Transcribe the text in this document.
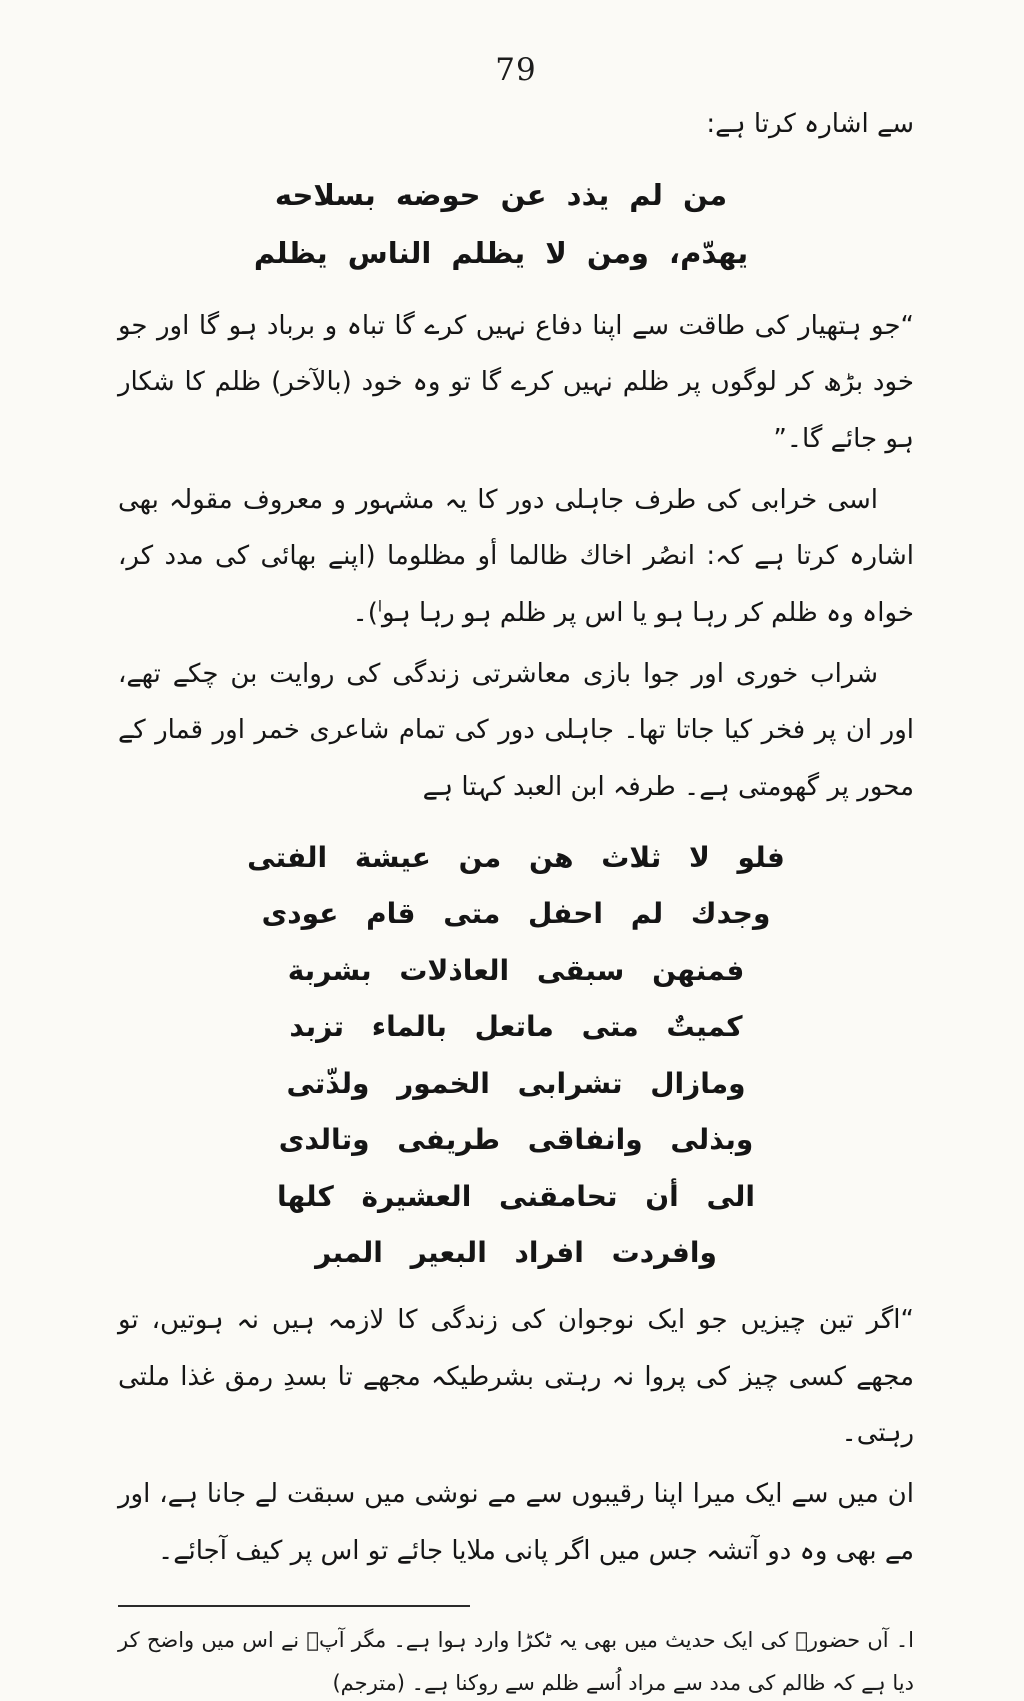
79

سے اشارہ کرتا ہے:

من لم يذد عن حوضه بسلاحه
يهدّم، ومن لا يظلم الناس يظلم

“جو ہتھیار کی طاقت سے اپنا دفاع نہیں کرے گا تباہ و برباد ہو گا اور جو خود بڑھ کر لوگوں پر ظلم نہیں کرے گا تو وہ خود (بالآخر) ظلم کا شکار ہو جائے گا۔”

اسی خرابی کی طرف جاہلی دور کا یہ مشہور و معروف مقولہ بھی اشارہ کرتا ہے کہ: انصُر اخاك ظالما أو مظلوما (اپنے بھائی کی مدد کر، خواہ وہ ظلم کر رہا ہو یا اس پر ظلم ہو رہا ہو$^ا$)۔

شراب خوری اور جوا بازی معاشرتی زندگی کی روایت بن چکے تھے، اور ان پر فخر کیا جاتا تھا۔ جاہلی دور کی تمام شاعری خمر اور قمار کے محور پر گھومتی ہے۔ طرفہ ابن العبد کہتا ہے

فلو لا ثلاث هن من عيشة الفتى
وجدك لم احفل متى قام عودى
فمنهن سبقى العاذلات بشربة
كميتٌ متى ماتعل بالماء تزبد
ومازال تشرابى الخمور ولذّتى
وبذلى وانفاقى طريفى وتالدى
الى أن تحامقنى العشيرة كلها
وافردت افراد البعير المبر

“اگر تین چیزیں جو ایک نوجوان کی زندگی کا لازمہ ہیں نہ ہوتیں، تو مجھے کسی چیز کی پروا نہ رہتی بشرطیکہ مجھے تا بسدِ رمق غذا ملتی رہتی۔

ان میں سے ایک میرا اپنا رقیبوں سے مے نوشی میں سبقت لے جانا ہے، اور مے بھی وہ دو آتشہ جس میں اگر پانی ملایا جائے تو اس پر کیف آجائے۔

ا۔ آں حضورؐ کی ایک حدیث میں بھی یہ ٹکڑا وارد ہوا ہے۔ مگر آپؐ نے اس میں واضح کر دیا ہے کہ ظالم کی مدد سے مراد اُسے ظلم سے روکنا ہے۔ (مترجم)
